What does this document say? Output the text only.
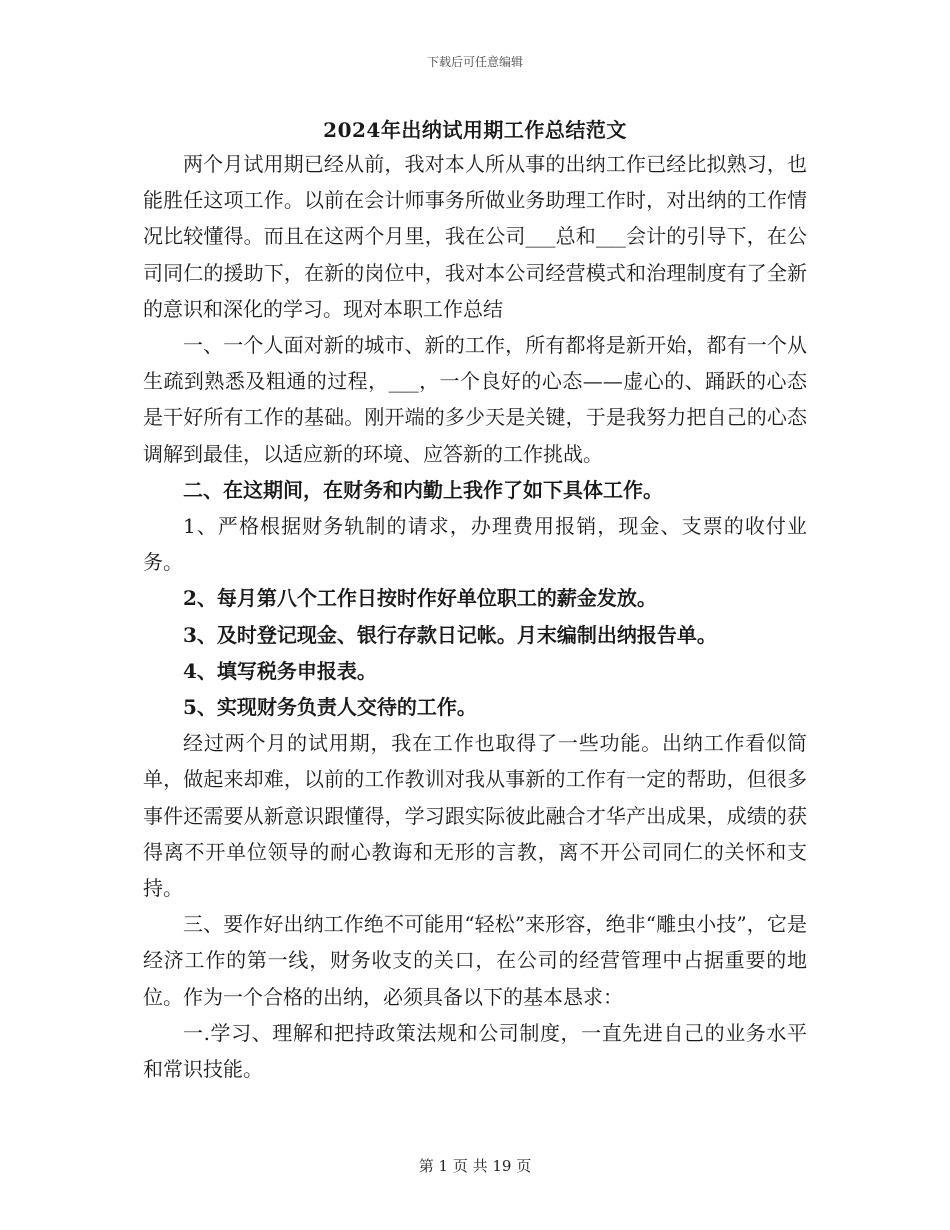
下载后可任意编辑
2024年出纳试用期工作总结范文

两个月试用期已经从前，我对本人所从事的出纳工作已经比拟熟习，也能胜任这项工作。以前在会计师事务所做业务助理工作时，对出纳的工作情况比较懂得。而且在这两个月里，我在公司___总和___会计的引导下，在公司同仁的援助下，在新的岗位中，我对本公司经营模式和治理制度有了全新的意识和深化的学习。现对本职工作总结

一、一个人面对新的城市、新的工作，所有都将是新开始，都有一个从生疏到熟悉及粗通的过程，___，一个良好的心态——虚心的、踊跃的心态是干好所有工作的基础。刚开端的多少天是关键，于是我努力把自己的心态调解到最佳，以适应新的环境、应答新的工作挑战。

二、在这期间，在财务和内勤上我作了如下具体工作。

1、严格根据财务轨制的请求，办理费用报销，现金、支票的收付业务。

2、每月第八个工作日按时作好单位职工的薪金发放。

3、及时登记现金、银行存款日记帐。月末编制出纳报告单。

4、填写税务申报表。

5、实现财务负责人交待的工作。

经过两个月的试用期，我在工作也取得了一些功能。出纳工作看似简单，做起来却难，以前的工作教训对我从事新的工作有一定的帮助，但很多事件还需要从新意识跟懂得，学习跟实际彼此融合才华产出成果，成绩的获得离不开单位领导的耐心教诲和无形的言教，离不开公司同仁的关怀和支持。

三、要作好出纳工作绝不可能用“轻松”来形容，绝非“雕虫小技”，它是经济工作的第一线，财务收支的关口，在公司的经营管理中占据重要的地位。作为一个合格的出纳，必须具备以下的基本恳求：

一.学习、理解和把持政策法规和公司制度，一直先进自己的业务水平和常识技能。

第 1 页 共 19 页
